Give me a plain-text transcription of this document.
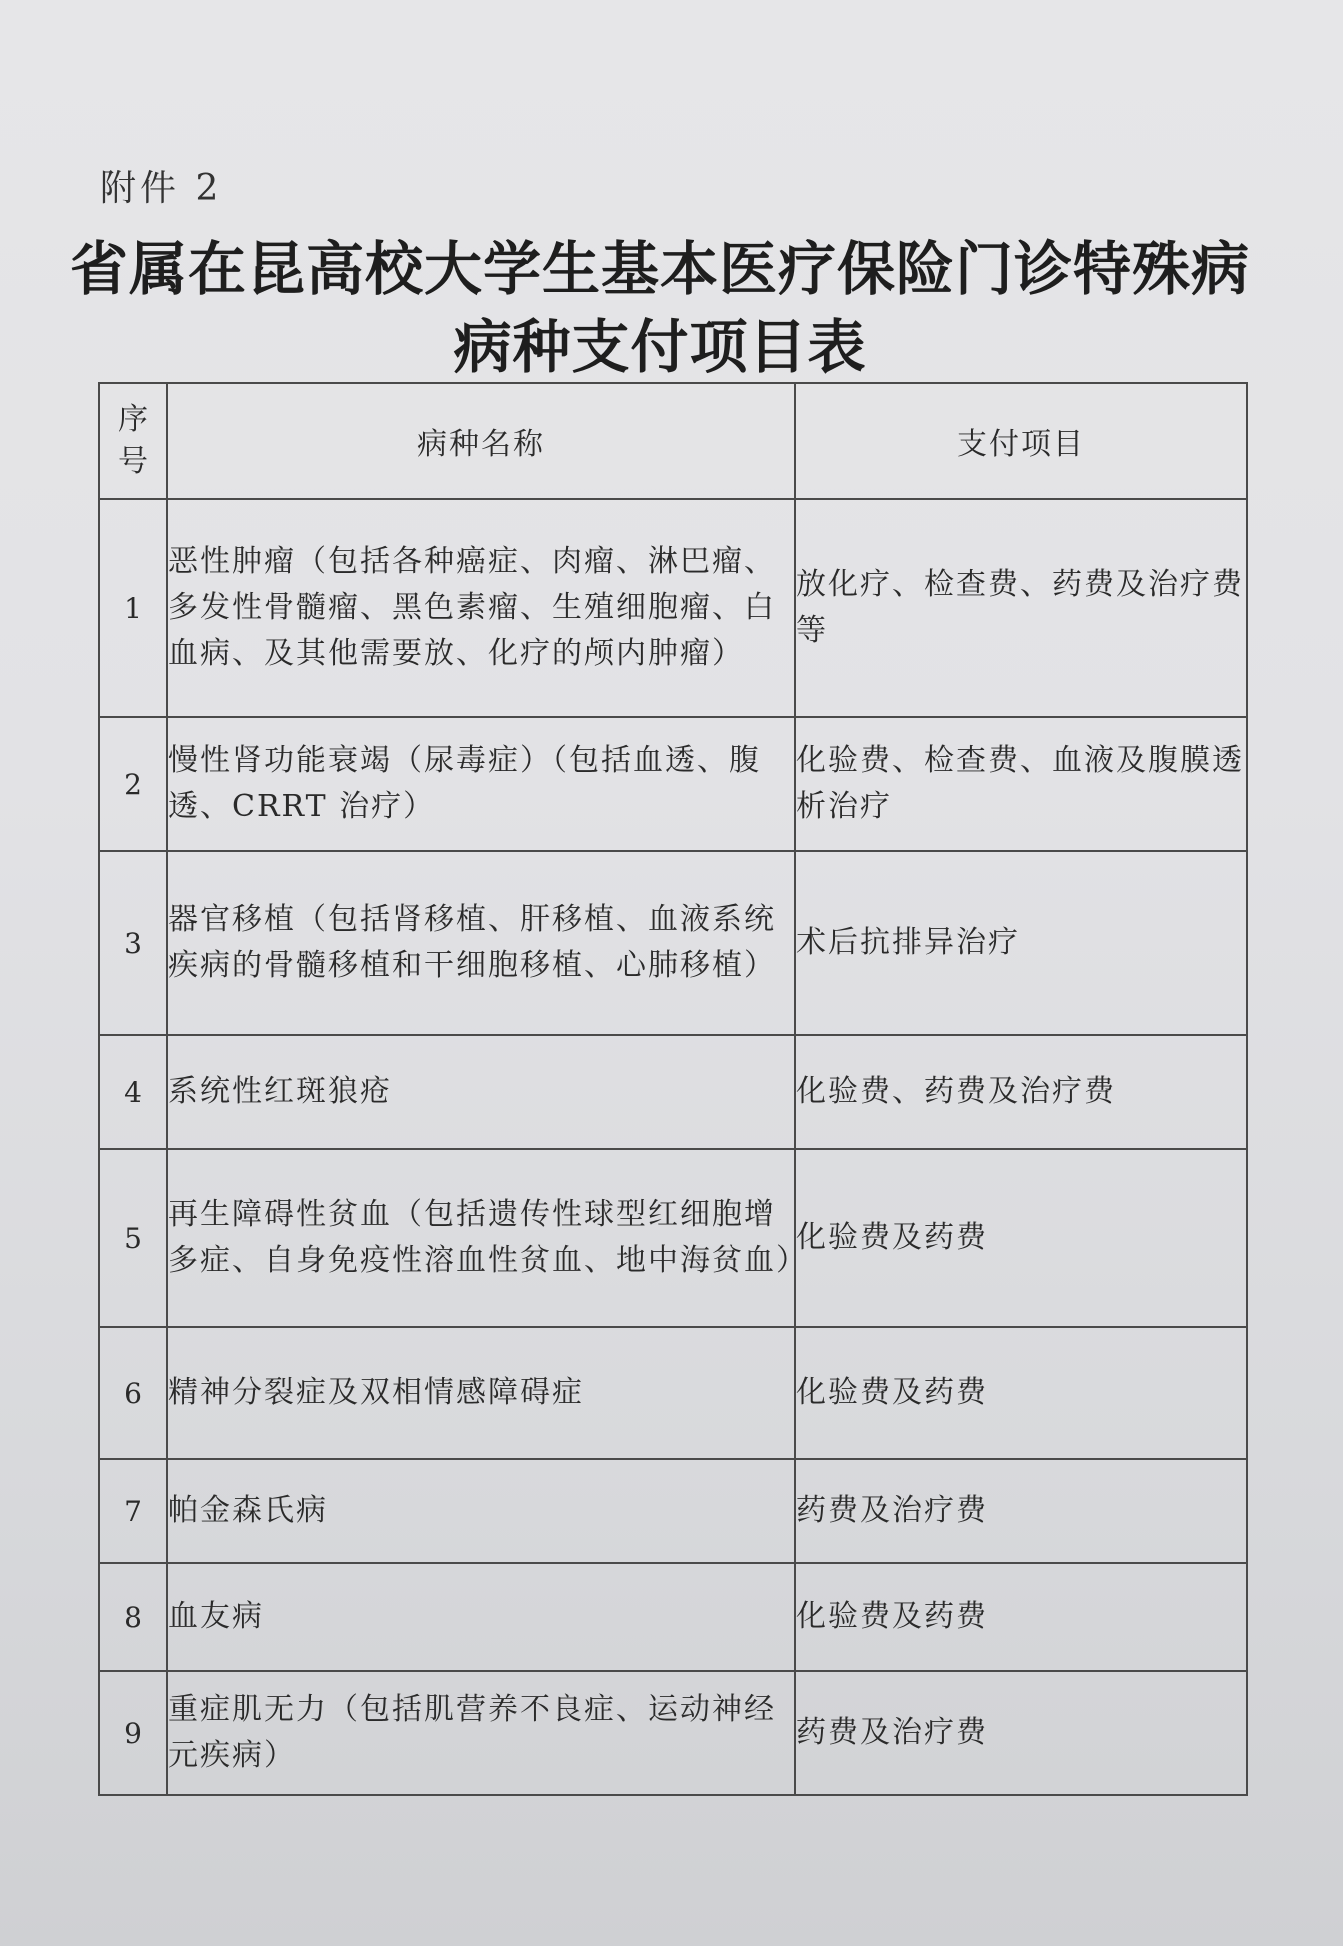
附件 2
省属在昆高校大学生基本医疗保险门诊特殊病
病种支付项目表
序
号	病种名称	支付项目
1	恶性肿瘤（包括各种癌症、肉瘤、淋巴瘤、多发性骨髓瘤、黑色素瘤、生殖细胞瘤、白血病、及其他需要放、化疗的颅内肿瘤）	放化疗、检查费、药费及治疗费等
2	慢性肾功能衰竭（尿毒症）（包括血透、腹透、CRRT 治疗）	化验费、检查费、血液及腹膜透析治疗
3	器官移植（包括肾移植、肝移植、血液系统疾病的骨髓移植和干细胞移植、心肺移植）	术后抗排异治疗
4	系统性红斑狼疮	化验费、药费及治疗费
5	再生障碍性贫血（包括遗传性球型红细胞增多症、自身免疫性溶血性贫血、地中海贫血）	化验费及药费
6	精神分裂症及双相情感障碍症	化验费及药费
7	帕金森氏病	药费及治疗费
8	血友病	化验费及药费
9	重症肌无力（包括肌营养不良症、运动神经元疾病）	药费及治疗费
